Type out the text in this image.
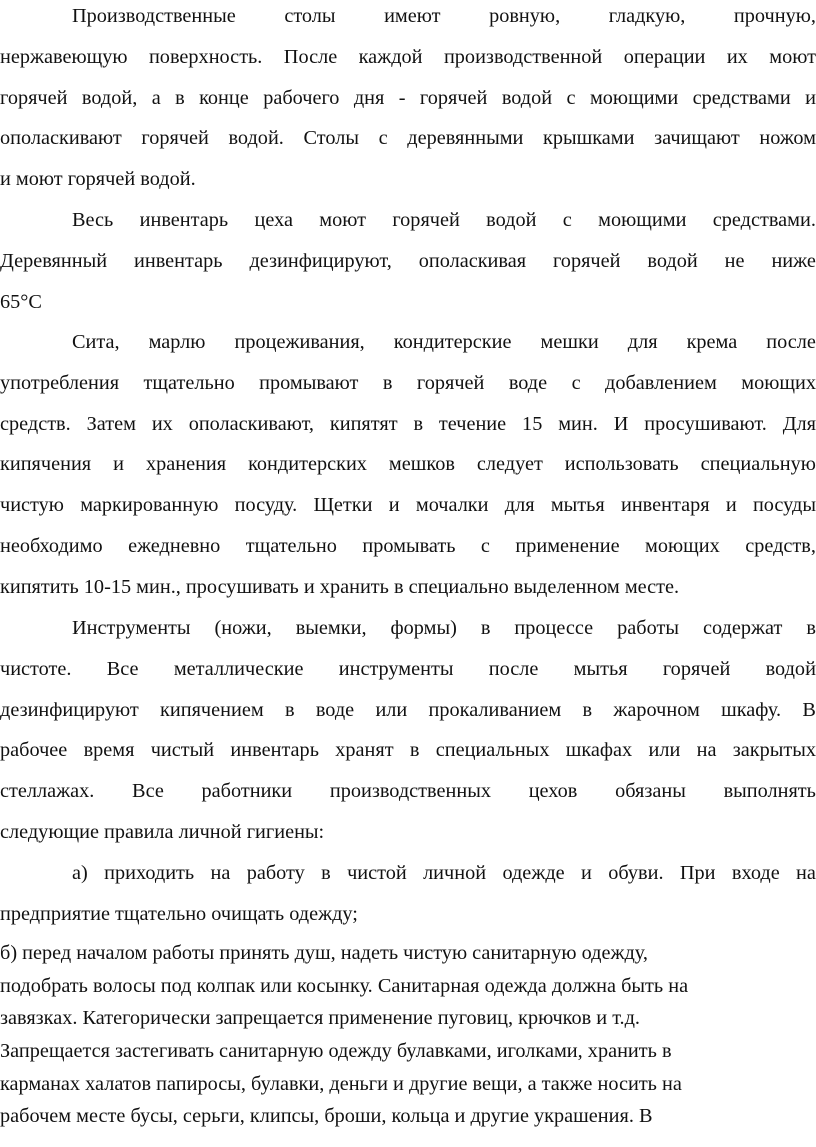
Производственные столы имеют ровную, гладкую, прочную,
нержавеющую поверхность. После каждой производственной операции их моют
горячей водой, а в конце рабочего дня - горячей водой с моющими средствами и
ополаскивают горячей водой. Столы с деревянными крышками зачищают ножом
и моют горячей водой.
Весь инвентарь цеха моют горячей водой с моющими средствами.
Деревянный инвентарь дезинфицируют, ополаскивая горячей водой не ниже
65°С
Сита, марлю процеживания, кондитерские мешки для крема после
употребления тщательно промывают в горячей воде с добавлением моющих
средств. Затем их ополаскивают, кипятят в течение 15 мин. И просушивают. Для
кипячения и хранения кондитерских мешков следует использовать специальную
чистую маркированную посуду. Щетки и мочалки для мытья инвентаря и посуды
необходимо ежедневно тщательно промывать с применение моющих средств,
кипятить 10-15 мин., просушивать и хранить в специально выделенном месте.
Инструменты (ножи, выемки, формы) в процессе работы содержат в
чистоте. Все металлические инструменты после мытья горячей водой
дезинфицируют кипячением в воде или прокаливанием в жарочном шкафу. В
рабочее время чистый инвентарь хранят в специальных шкафах или на закрытых
стеллажах. Все работники производственных цехов обязаны выполнять
следующие правила личной гигиены:
а) приходить на работу в чистой личной одежде и обуви. При входе на
предприятие тщательно очищать одежду;
б) перед началом работы принять душ, надеть чистую санитарную одежду,
подобрать волосы под колпак или косынку. Санитарная одежда должна быть на
завязках. Категорически запрещается применение пуговиц, крючков и т.д.
Запрещается застегивать санитарную одежду булавками, иголками, хранить в
карманах халатов папиросы, булавки, деньги и другие вещи, а также носить на
рабочем месте бусы, серьги, клипсы, броши, кольца и другие украшения. В
